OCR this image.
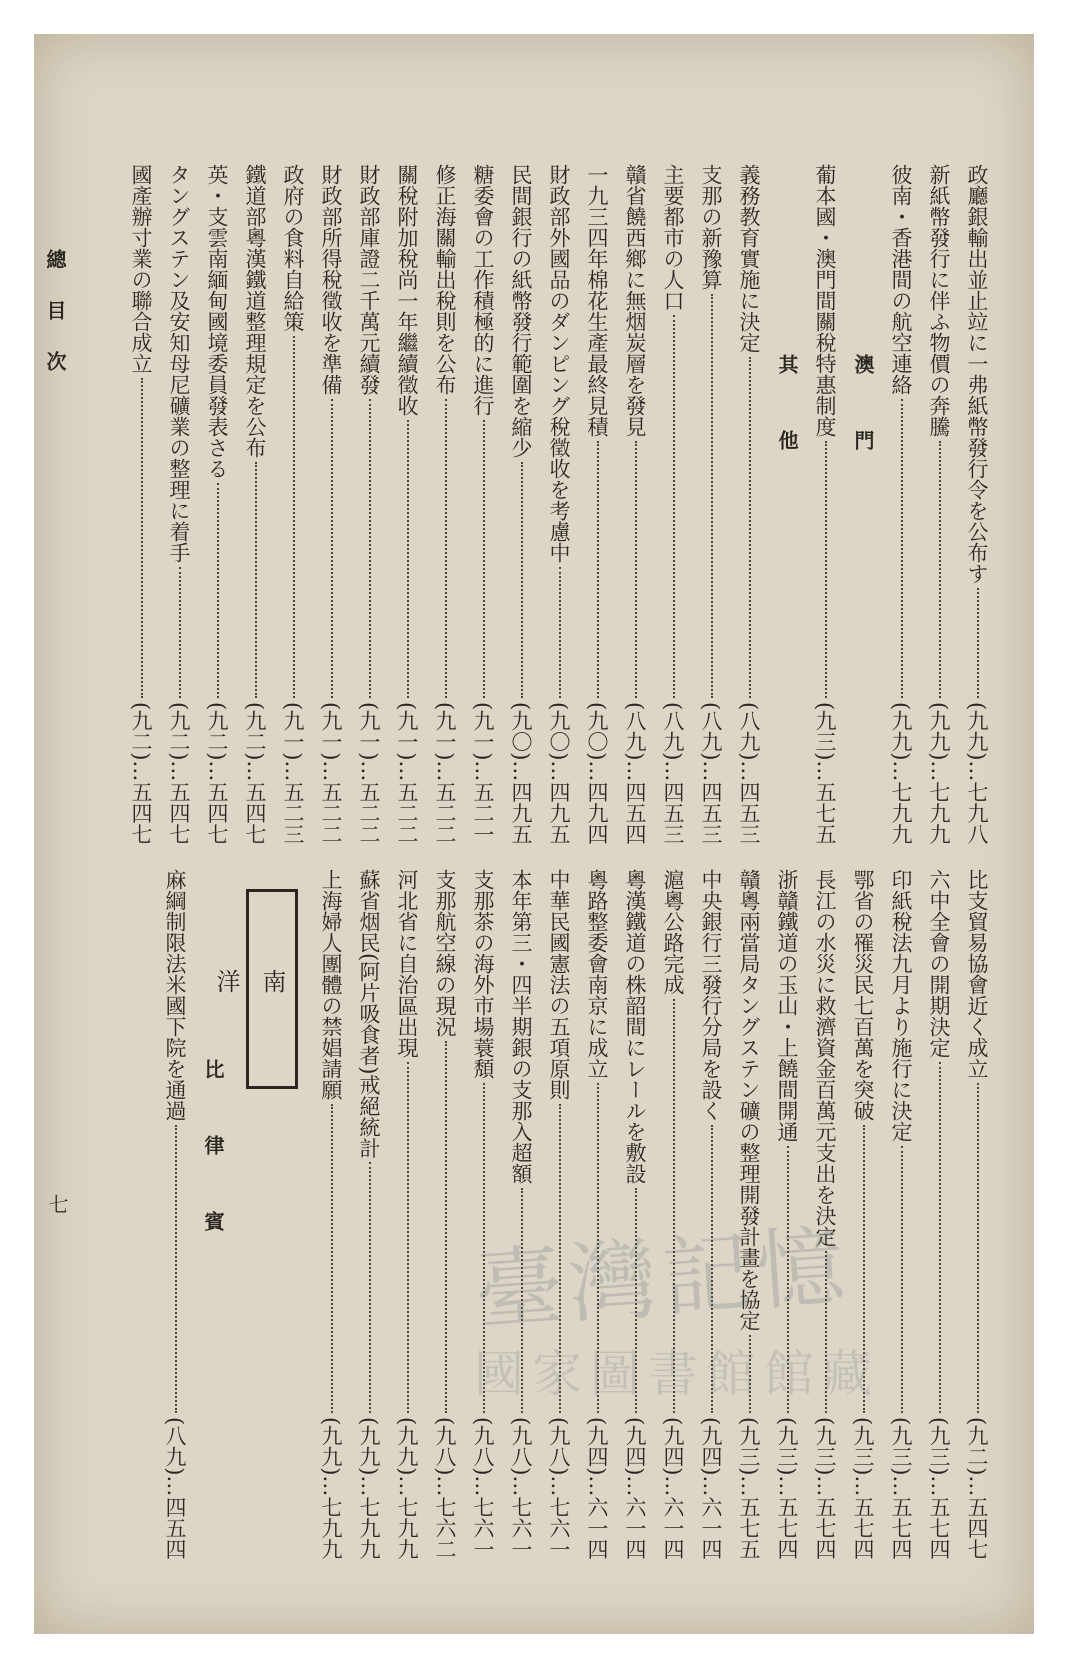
總 目 次
七
政廳銀輸出並止竝に一弗紙幣發行令を公布す
(九九)…七九八
新紙幣發行に伴ふ物價の奔騰
(九九)…七九九
彼南・香港間の航空連絡
(九九)…七九九
澳　門
葡本國・澳門間關稅特惠制度
(九三)…五七五
其　他
義務教育實施に決定
(八九)…四五三
支那の新豫算
(八九)…四五三
主要都市の人口
(八九)…四五三
贛省饒西鄉に無烟炭層を發見
(八九)…四五四
一九三四年棉花生產最終見積
(九〇)…四九四
財政部外國品のダンピング稅徵收を考慮中
(九〇)…四九五
民間銀行の紙幣發行範圍を縮少
(九〇)…四九五
糖委會の工作積極的に進行
(九一)…五二一
修正海關輸出稅則を公布
(九一)…五二二
關稅附加稅尚一年繼續徵收
(九一)…五二二
財政部庫證二千萬元續發
(九一)…五二二
財政部所得稅徵收を準備
(九一)…五二二
政府の食料自給策
(九一)…五二三
鐵道部粵漢鐵道整理規定を公布
(九二)…五四七
英・支雲南緬甸國境委員發表さる
(九二)…五四七
タングステン及安知母尼礦業の整理に着手
(九二)…五四七
國產辦寸業の聯合成立
(九二)…五四七
比支貿易協會近く成立
(九二)…五四七
六中全會の開期決定
(九三)…五七四
印紙稅法九月より施行に決定
(九三)…五七四
鄂省の罹災民七百萬を突破
(九三)…五七四
長江の水災に救濟資金百萬元支出を決定
(九三)…五七四
浙贛鐵道の玉山・上饒間開通
(九三)…五七四
贛粵兩當局タングステン礦の整理開發計畫を協定
(九三)…五七五
中央銀行三發行分局を設く
(九四)…六一四
滬粵公路完成
(九四)…六一四
粵漢鐵道の株韶間にレールを敷設
(九四)…六一四
粵路整委會南京に成立
(九四)…六一四
中華民國憲法の五項原則
(九八)…七六一
本年第三・四半期銀の支那入超額
(九八)…七六一
支那茶の海外市場蓑頽
(九八)…七六一
支那航空線の現況
(九八)…七六二
河北省に自治區出現
(九九)…七九九
蘇省烟民(阿片吸食者)戒絕統計
(九九)…七九九
上海婦人團體の禁娼請願
(九九)…七九九
南　洋
比　律　賓
麻綱制限法米國下院を通過
(八九)…四五四
臺灣記憶
國家圖書館館藏
